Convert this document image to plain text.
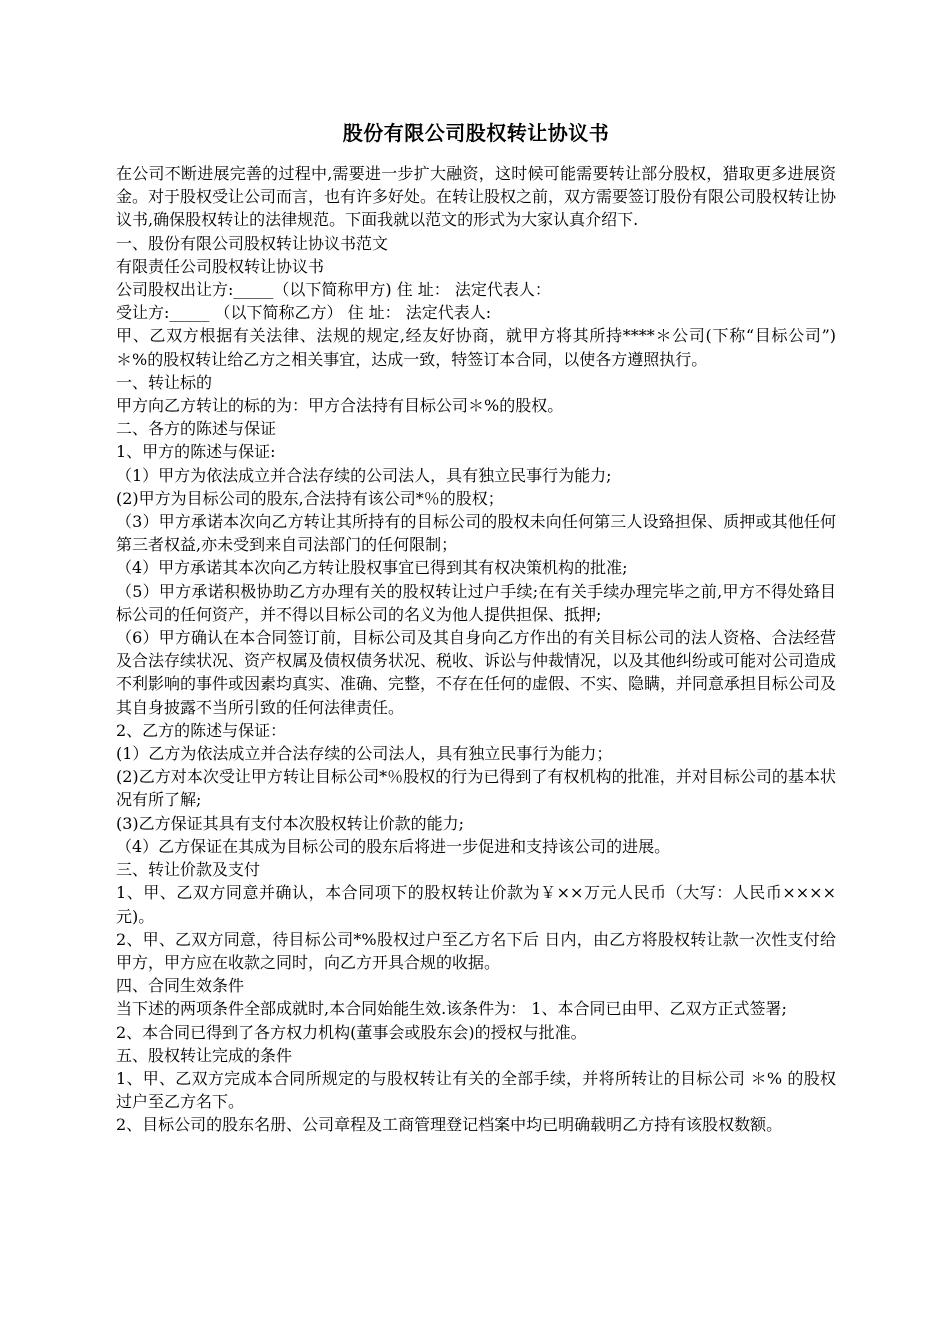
股份有限公司股权转让协议书

在公司不断进展完善的过程中,需要进一步扩大融资，这时候可能需要转让部分股权，猎取更多进展资金。对于股权受让公司而言，也有许多好处。在转让股权之前，双方需要签订股份有限公司股权转让协议书,确保股权转让的法律规范。下面我就以范文的形式为大家认真介绍下.

一、股份有限公司股权转让协议书范文

有限责任公司股权转让协议书

公司股权出让方:_____（以下简称甲方) 住 址： 法定代表人：

受让方:_____ （以下简称乙方） 住 址： 法定代表人:

甲、乙双方根据有关法律、法规的规定,经友好协商，就甲方将其所持****＊公司(下称“目标公司”)＊%的股权转让给乙方之相关事宜，达成一致，特签订本合同，以使各方遵照执行。

一、转让标的

甲方向乙方转让的标的为：甲方合法持有目标公司＊%的股权。

二、各方的陈述与保证

1、甲方的陈述与保证:

（1）甲方为依法成立并合法存续的公司法人，具有独立民事行为能力;

(2)甲方为目标公司的股东,合法持有该公司*％的股权；

（3）甲方承诺本次向乙方转让其所持有的目标公司的股权未向任何第三人设臵担保、质押或其他任何第三者权益,亦未受到来自司法部门的任何限制；

（4）甲方承诺其本次向乙方转让股权事宜已得到其有权决策机构的批准;

（5）甲方承诺积极协助乙方办理有关的股权转让过户手续;在有关手续办理完毕之前,甲方不得处臵目标公司的任何资产，并不得以目标公司的名义为他人提供担保、抵押;

（6）甲方确认在本合同签订前，目标公司及其自身向乙方作出的有关目标公司的法人资格、合法经营及合法存续状况、资产权属及债权债务状况、税收、诉讼与仲裁情况，以及其他纠纷或可能对公司造成不利影响的事件或因素均真实、准确、完整，不存在任何的虚假、不实、隐瞒，并同意承担目标公司及其自身披露不当所引致的任何法律责任。

2、乙方的陈述与保证：

(1）乙方为依法成立并合法存续的公司法人，具有独立民事行为能力；

(2)乙方对本次受让甲方转让目标公司*％股权的行为已得到了有权机构的批准，并对目标公司的基本状况有所了解;

(3)乙方保证其具有支付本次股权转让价款的能力;

（4）乙方保证在其成为目标公司的股东后将进一步促进和支持该公司的进展。

三、转让价款及支付

1、甲、乙双方同意并确认，本合同项下的股权转让价款为￥××万元人民币（大写：人民币××××元)。

2、甲、乙双方同意，待目标公司*%股权过户至乙方名下后 日内，由乙方将股权转让款一次性支付给甲方，甲方应在收款之同时，向乙方开具合规的收据。

四、合同生效条件

当下述的两项条件全部成就时,本合同始能生效.该条件为： 1、本合同已由甲、乙双方正式签署;

2、本合同已得到了各方权力机构(董事会或股东会)的授权与批准。

五、股权转让完成的条件

1、甲、乙双方完成本合同所规定的与股权转让有关的全部手续，并将所转让的目标公司 ＊% 的股权过户至乙方名下。

2、目标公司的股东名册、公司章程及工商管理登记档案中均已明确载明乙方持有该股权数额。
